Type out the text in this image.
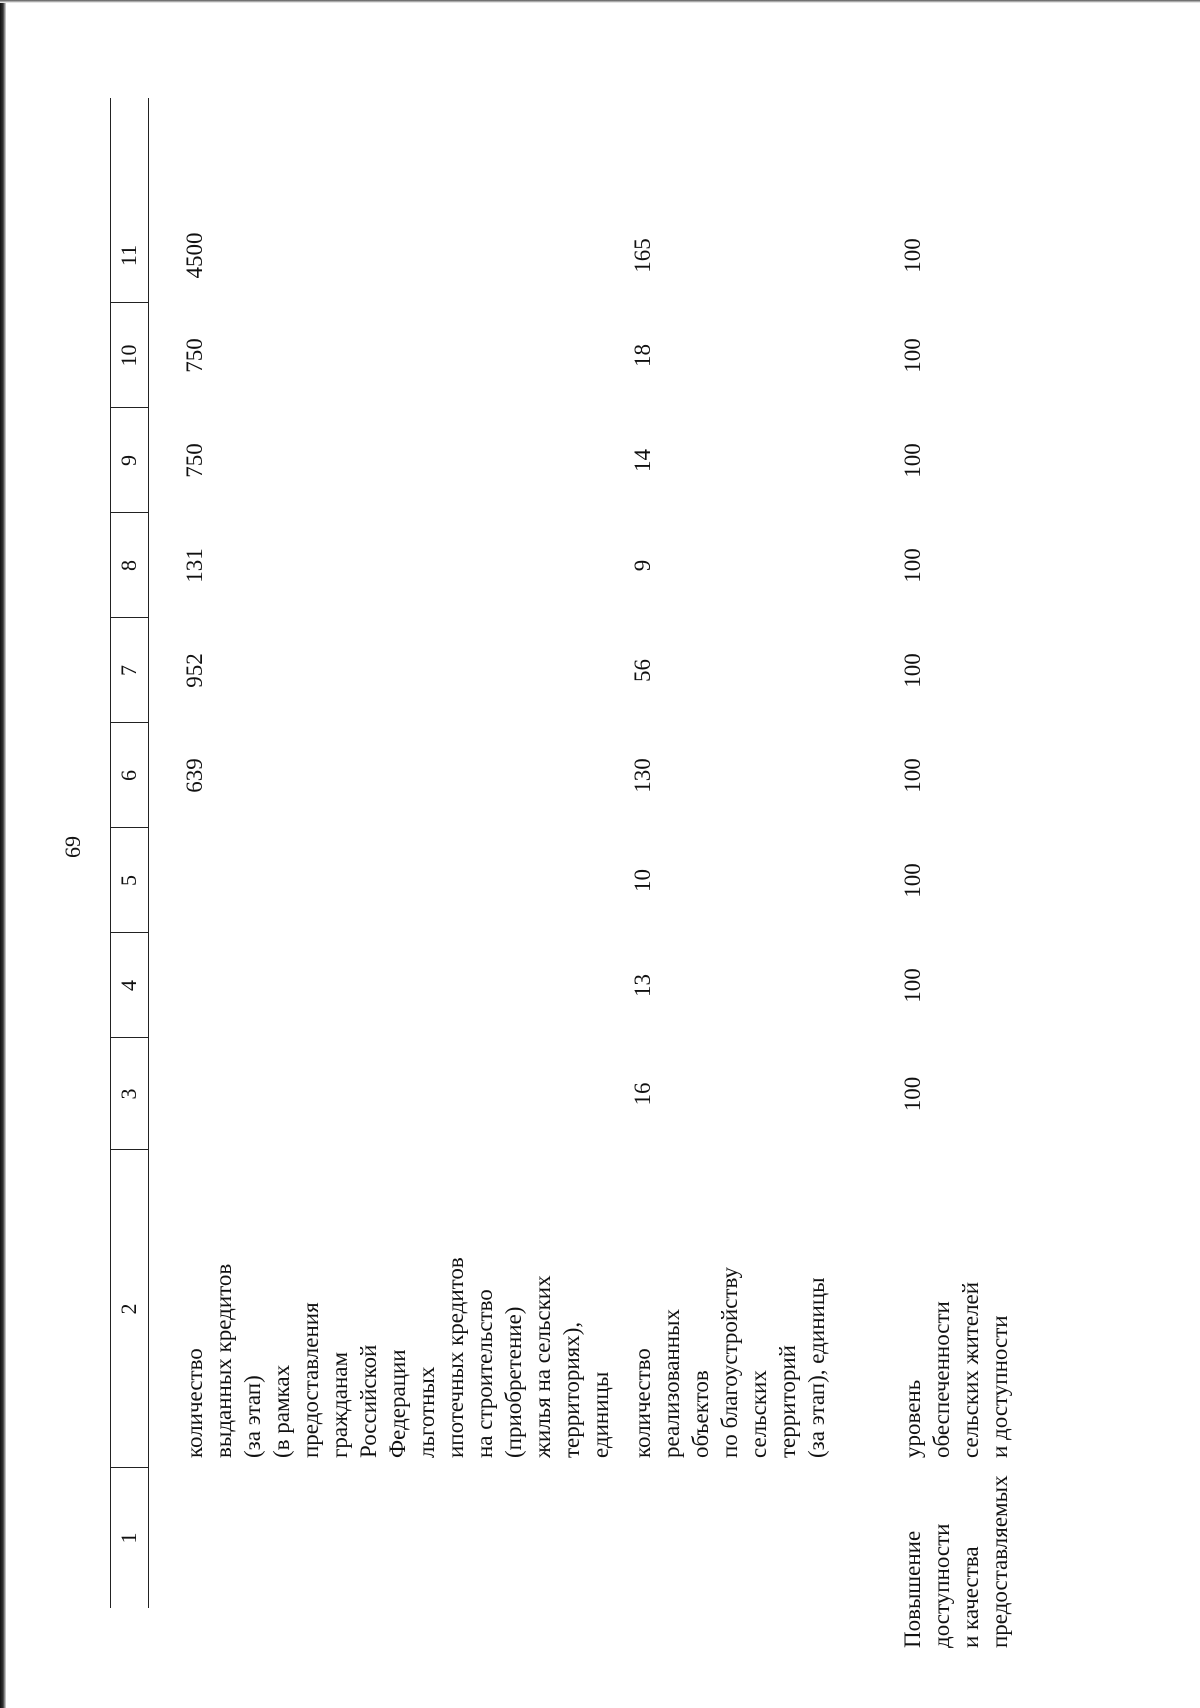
69
1
2
3
4
5
6
7
8
9
10
11
количество
выданных кредитов
(за этап)
(в рамках
предоставления
гражданам
Российской
Федерации
льготных
ипотечных кредитов
на строительство
(приобретение)
жилья на сельских
территориях),
единицы
639
952
131
750
750
4500
количество
реализованных
объектов
по благоустройству
сельских
территорий
(за этап), единицы
16
13
10
130
56
9
14
18
165
Повышение
доступности
и качества
предоставляемых
уровень
обеспеченности
сельских жителей
и доступности
100
100
100
100
100
100
100
100
100
